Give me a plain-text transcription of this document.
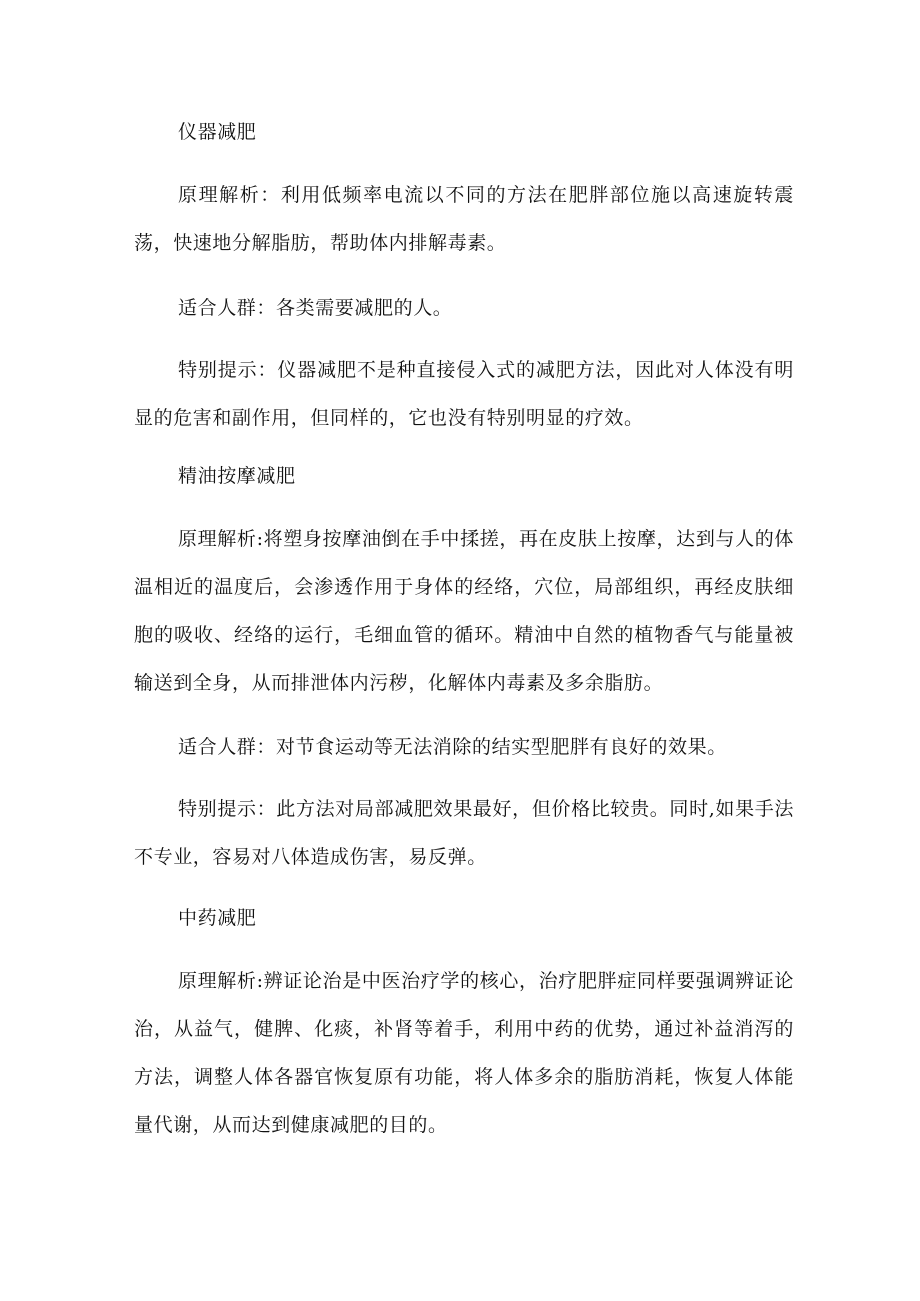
仪器减肥

原理解析：利用低频率电流以不同的方法在肥胖部位施以高速旋转震荡，快速地分解脂肪，帮助体内排解毒素。

适合人群：各类需要减肥的人。

特别提示：仪器减肥不是种直接侵入式的减肥方法，因此对人体没有明显的危害和副作用，但同样的，它也没有特别明显的疗效。

精油按摩减肥

原理解析:将塑身按摩油倒在手中揉搓，再在皮肤上按摩，达到与人的体温相近的温度后，会渗透作用于身体的经络，穴位，局部组织，再经皮肤细胞的吸收、经络的运行，毛细血管的循环。精油中自然的植物香气与能量被输送到全身，从而排泄体内污秽，化解体内毒素及多余脂肪。

适合人群：对节食运动等无法消除的结实型肥胖有良好的效果。

特别提示：此方法对局部减肥效果最好，但价格比较贵。同时,如果手法不专业，容易对八体造成伤害，易反弹。

中药减肥

原理解析:辨证论治是中医治疗学的核心，治疗肥胖症同样要强调辨证论治，从益气，健脾、化痰，补肾等着手，利用中药的优势，通过补益消泻的方法，调整人体各器官恢复原有功能，将人体多余的脂肪消耗，恢复人体能量代谢，从而达到健康减肥的目的。
